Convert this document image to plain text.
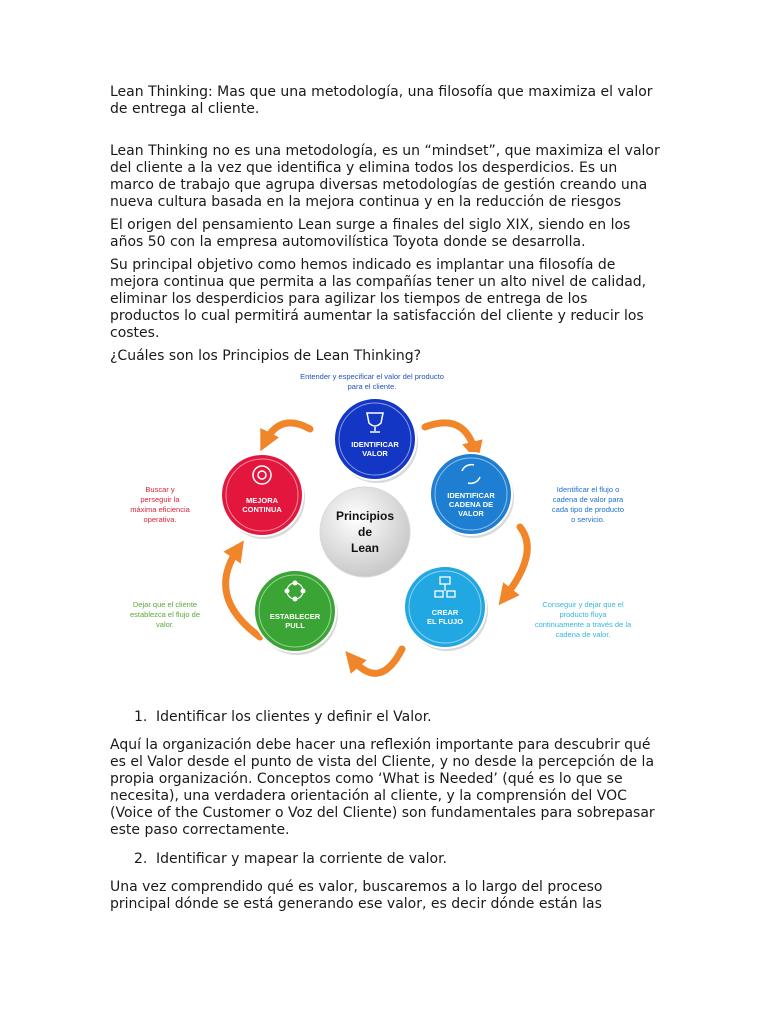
Lean Thinking: Mas que una metodología, una filosofía que maximiza el valor de entrega al cliente.

Lean Thinking no es una metodología, es un “mindset”, que maximiza el valor del cliente a la vez que identifica y elimina todos los desperdicios. Es un marco de trabajo que agrupa diversas metodologías de gestión creando una nueva cultura basada en la mejora continua y en la reducción de riesgos

El origen del pensamiento Lean surge a finales del siglo XIX, siendo en los años 50 con la empresa automovilística Toyota donde se desarrolla.

Su principal objetivo como hemos indicado es implantar una filosofía de mejora continua que permita a las compañías tener un alto nivel de calidad, eliminar los desperdicios para agilizar los tiempos de entrega de los productos lo cual permitirá aumentar la satisfacción del cliente y reducir los costes.

¿Cuáles son los Principios de Lean Thinking?

Principios de Lean
IDENTIFICAR VALOR
IDENTIFICAR CADENA DE VALOR
CREAR EL FLUJO
ESTABLECER PULL
MEJORA CONTINUA
Entender y especificar el valor del producto para el cliente.
Identificar el flujo o cadena de valor para cada tipo de producto o servicio.
Conseguir y dejar que el producto fluya continuamente a través de la cadena de valor.
Dejar que el cliente establezca el flujo de valor.
Buscar y perseguir la máxima eficiencia operativa.
1. Identificar los clientes y definir el Valor.

Aquí la organización debe hacer una reflexión importante para descubrir qué es el Valor desde el punto de vista del Cliente, y no desde la percepción de la propia organización. Conceptos como ‘What is Needed’ (qué es lo que se necesita), una verdadera orientación al cliente, y la comprensión del VOC (Voice of the Customer o Voz del Cliente) son fundamentales para sobrepasar este paso correctamente.

2. Identificar y mapear la corriente de valor.

Una vez comprendido qué es valor, buscaremos a lo largo del proceso principal dónde se está generando ese valor, es decir dónde están las
